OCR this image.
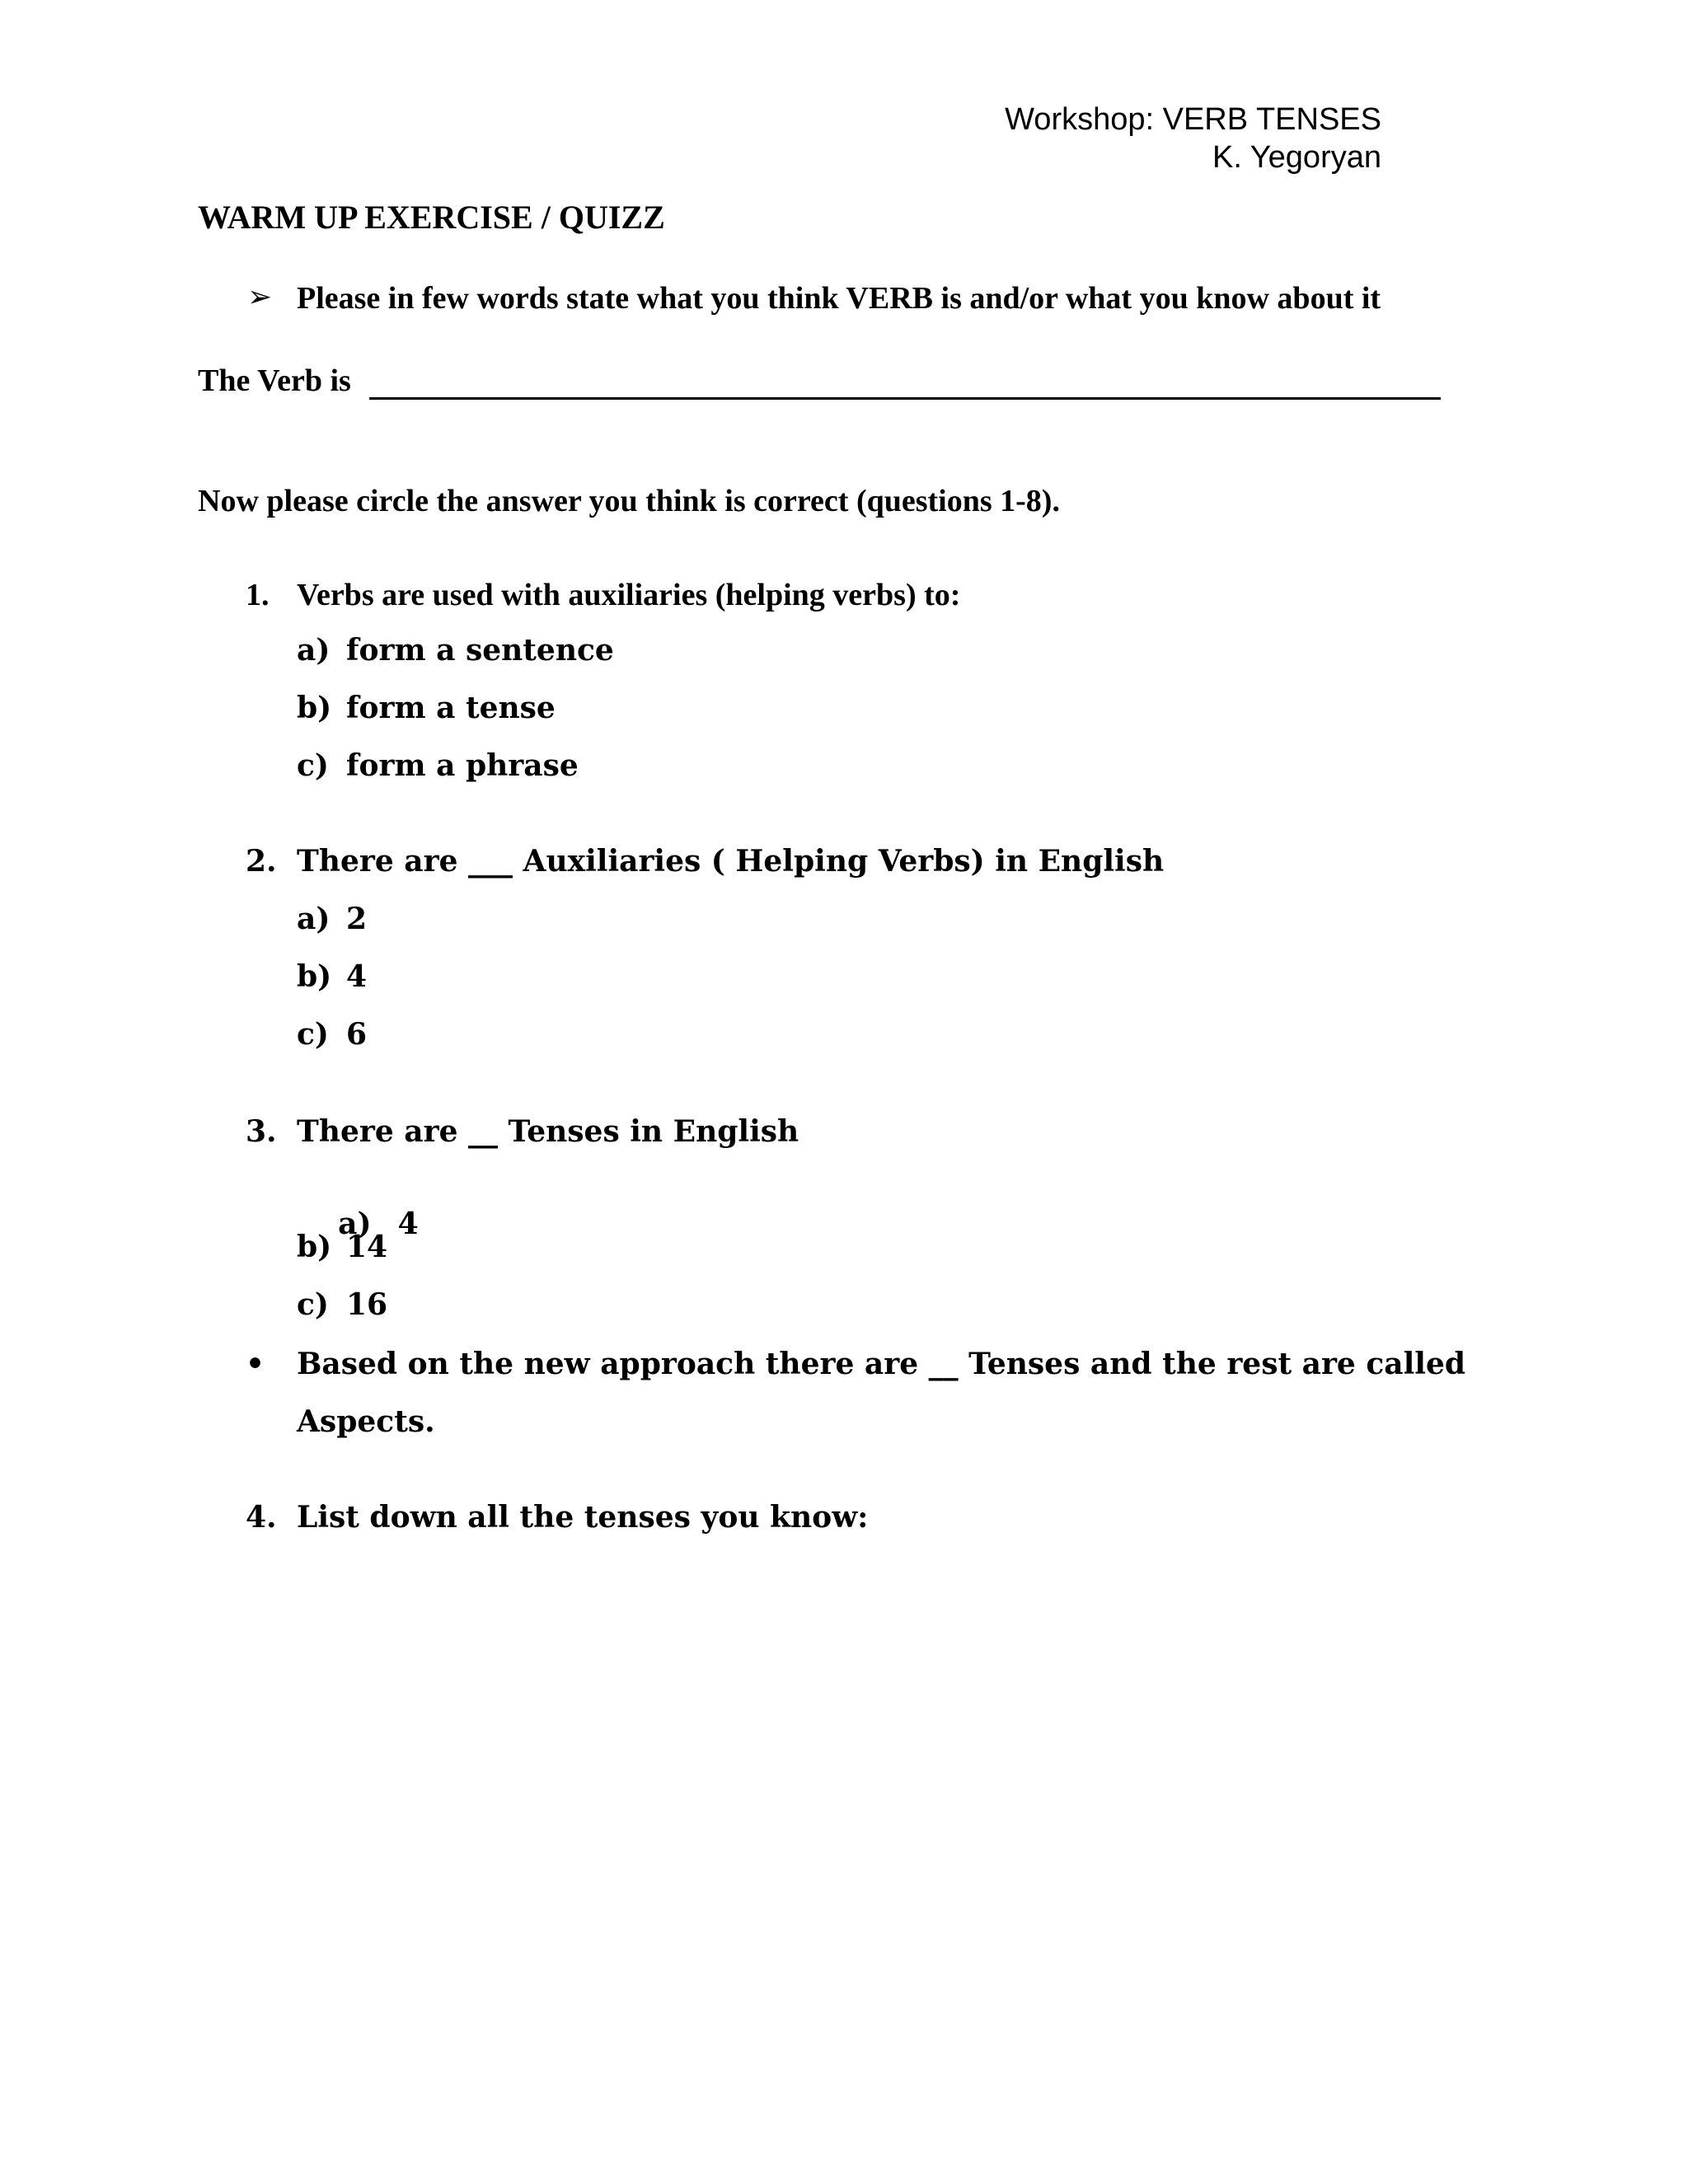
Workshop: VERB TENSES
K. Yegoryan
WARM UP EXERCISE / QUIZZ
➢ Please in few words state what you think VERB is and/or what you know about it
The Verb is
Now please circle the answer you think is correct (questions 1-8).
1. Verbs are used with auxiliaries (helping verbs) to:
a) form a sentence
b) form a tense
c) form a phrase
2. There are ___ Auxiliaries ( Helping Verbs) in English
a) 2
b) 4
c) 6
3. There are __ Tenses in English

a) 4

b) 14
c) 16
• Based on the new approach there are __ Tenses and the rest are called
Aspects.
4. List down all the tenses you know:
